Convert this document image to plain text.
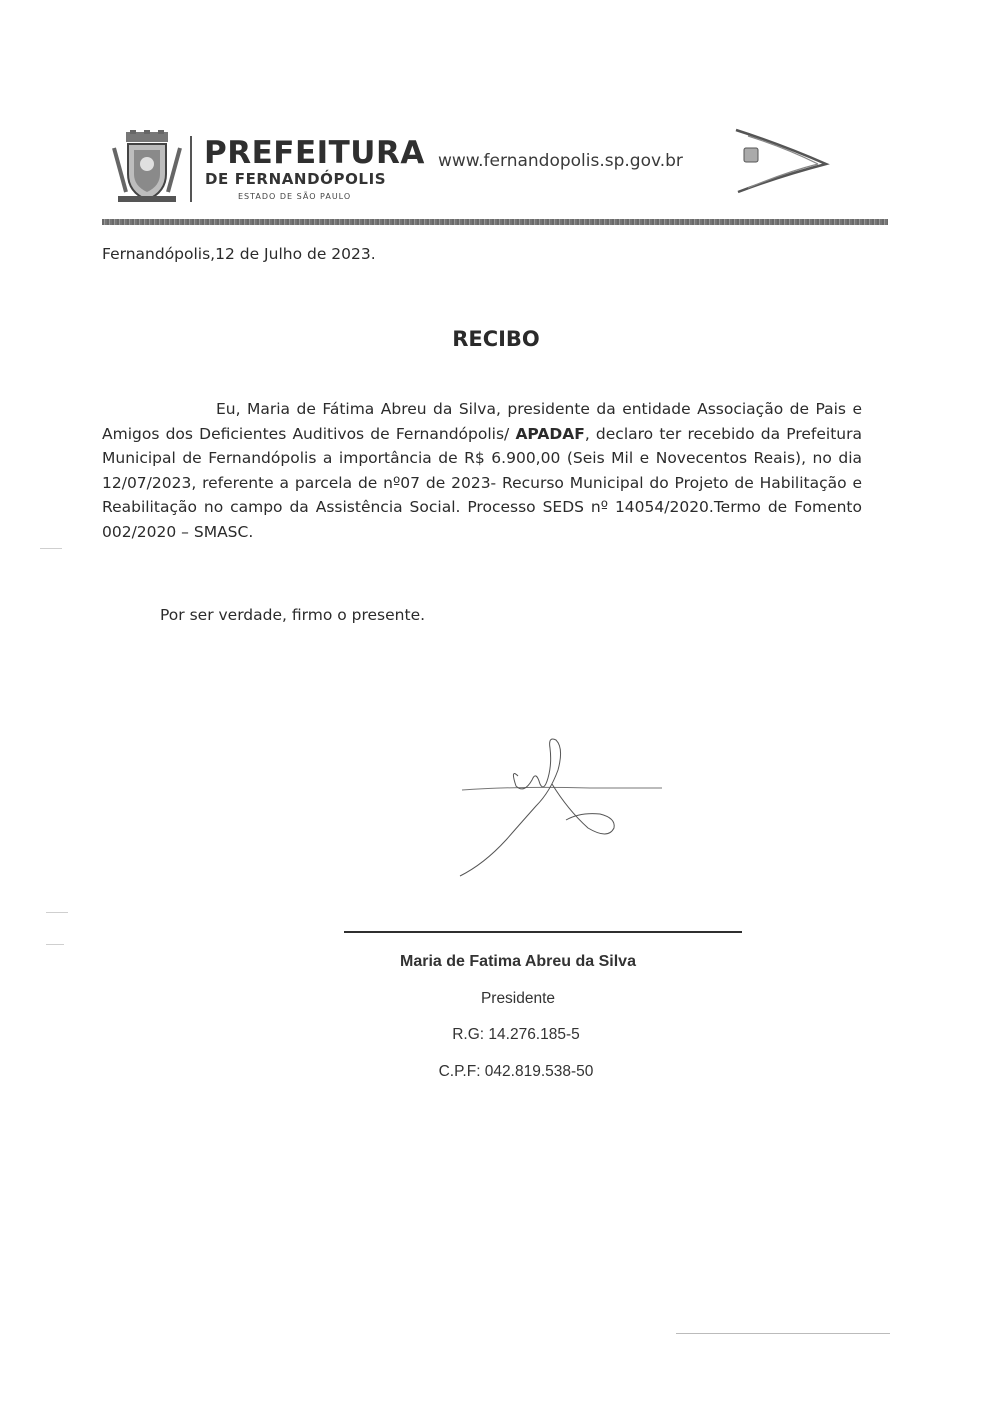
PREFEITURA
DE FERNANDÓPOLIS
ESTADO DE SÃO PAULO
www.fernandopolis.sp.gov.br
Fernandópolis,12 de Julho de 2023.
RECIBO
Eu, Maria de Fátima Abreu da Silva, presidente da entidade Associação de Pais e Amigos dos Deficientes Auditivos de Fernandópolis/ APADAF, declaro ter recebido da Prefeitura Municipal de Fernandópolis a importância de R$ 6.900,00 (Seis Mil e Novecentos Reais), no dia 12/07/2023, referente a parcela de nº07 de 2023- Recurso Municipal do Projeto de Habilitação e Reabilitação no campo da Assistência Social. Processo SEDS nº 14054/2020.Termo de Fomento 002/2020 – SMASC.
Por ser verdade, firmo o presente.
Maria de Fatima Abreu da Silva
Presidente
R.G: 14.276.185-5
C.P.F: 042.819.538-50
